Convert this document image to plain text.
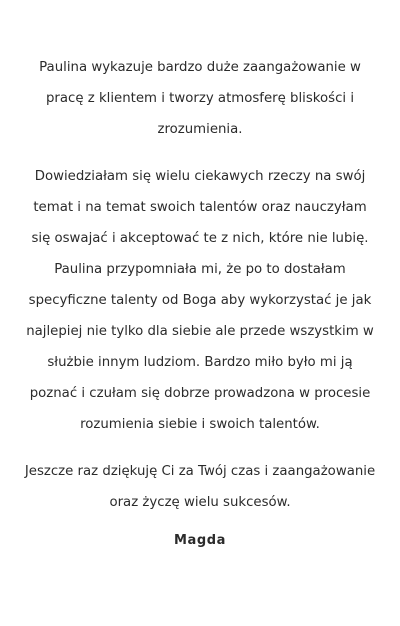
Paulina wykazuje bardzo duże zaangażowanie w pracę z klientem i tworzy atmosferę bliskości i zrozumienia.

Dowiedziałam się wielu ciekawych rzeczy na swój temat i na temat swoich talentów oraz nauczyłam się oswajać i akceptować te z nich, które nie lubię. Paulina przypomniała mi, że po to dostałam specyficzne talenty od Boga aby wykorzystać je jak najlepiej nie tylko dla siebie ale przede wszystkim w służbie innym ludziom. Bardzo miło było mi ją poznać i czułam się dobrze prowadzona w procesie rozumienia siebie i swoich talentów.

Jeszcze raz dziękuję Ci za Twój czas i zaangażowanie oraz życzę wielu sukcesów.

Magda
